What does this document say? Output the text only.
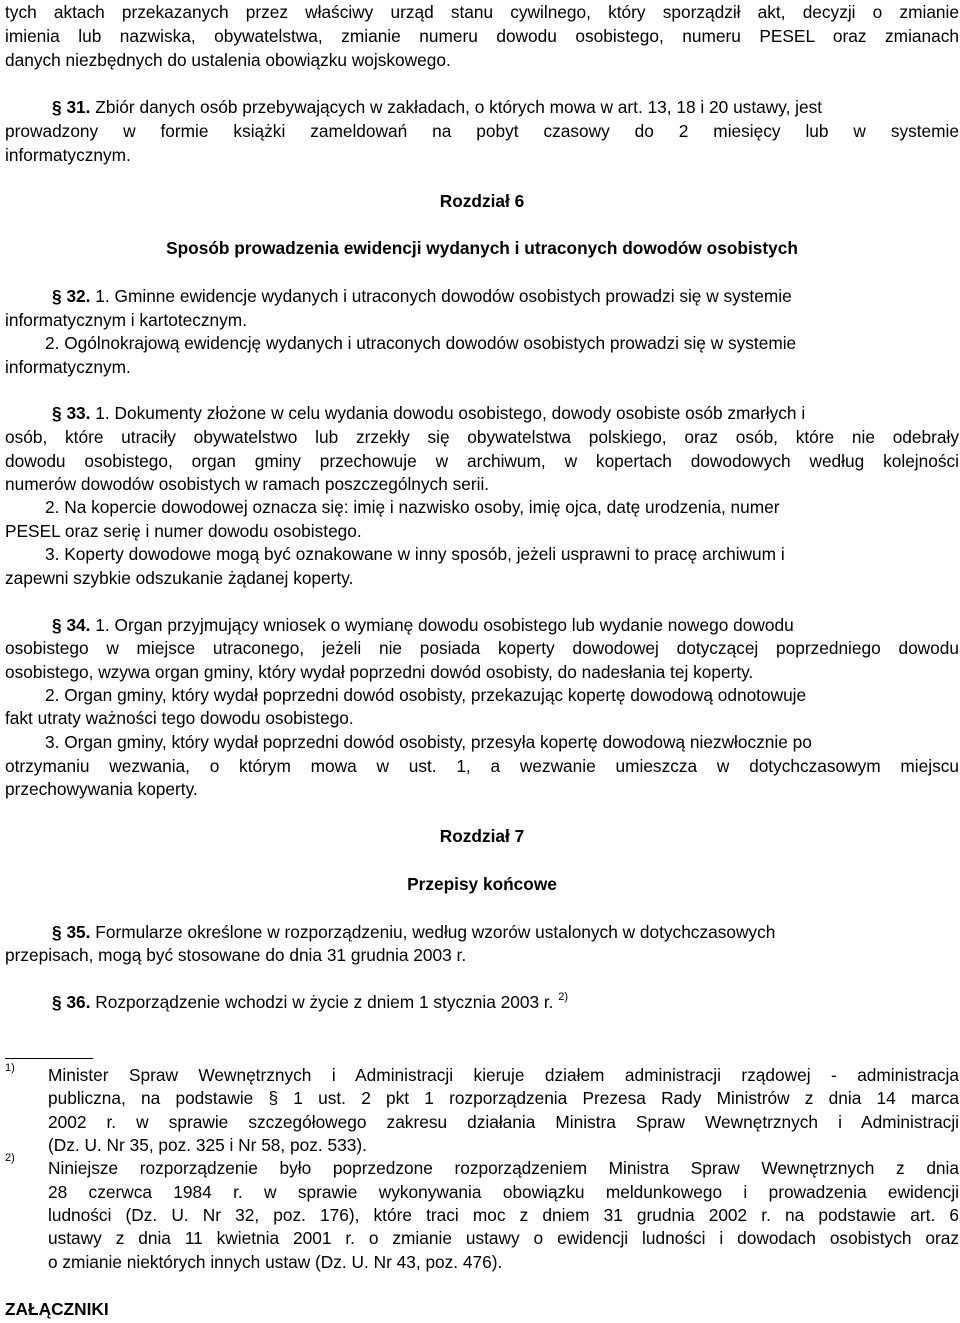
tych aktach przekazanych przez właściwy urząd stanu cywilnego, który sporządził akt, decyzji o zmianie
imienia lub nazwiska, obywatelstwa, zmianie numeru dowodu osobistego, numeru PESEL oraz zmianach
danych niezbędnych do ustalenia obowiązku wojskowego.
§ 31. Zbiór danych osób przebywających w zakładach, o których mowa w art. 13, 18 i 20 ustawy, jest
prowadzony w formie książki zameldowań na pobyt czasowy do 2 miesięcy lub w systemie
informatycznym.
Rozdział 6
Sposób prowadzenia ewidencji wydanych i utraconych dowodów osobistych
§ 32. 1. Gminne ewidencje wydanych i utraconych dowodów osobistych prowadzi się w systemie
informatycznym i kartotecznym.
2. Ogólnokrajową ewidencję wydanych i utraconych dowodów osobistych prowadzi się w systemie
informatycznym.
§ 33. 1. Dokumenty złożone w celu wydania dowodu osobistego, dowody osobiste osób zmarłych i
osób, które utraciły obywatelstwo lub zrzekły się obywatelstwa polskiego, oraz osób, które nie odebrały
dowodu osobistego, organ gminy przechowuje w archiwum, w kopertach dowodowych według kolejności
numerów dowodów osobistych w ramach poszczególnych serii.
2. Na kopercie dowodowej oznacza się: imię i nazwisko osoby, imię ojca, datę urodzenia, numer
PESEL oraz serię i numer dowodu osobistego.
3. Koperty dowodowe mogą być oznakowane w inny sposób, jeżeli usprawni to pracę archiwum i
zapewni szybkie odszukanie żądanej koperty.
§ 34. 1. Organ przyjmujący wniosek o wymianę dowodu osobistego lub wydanie nowego dowodu
osobistego w miejsce utraconego, jeżeli nie posiada koperty dowodowej dotyczącej poprzedniego dowodu
osobistego, wzywa organ gminy, który wydał poprzedni dowód osobisty, do nadesłania tej koperty.
2. Organ gminy, który wydał poprzedni dowód osobisty, przekazując kopertę dowodową odnotowuje
fakt utraty ważności tego dowodu osobistego.
3. Organ gminy, który wydał poprzedni dowód osobisty, przesyła kopertę dowodową niezwłocznie po
otrzymaniu wezwania, o którym mowa w ust. 1, a wezwanie umieszcza w dotychczasowym miejscu
przechowywania koperty.
Rozdział 7
Przepisy końcowe
§ 35. Formularze określone w rozporządzeniu, według wzorów ustalonych w dotychczasowych
przepisach, mogą być stosowane do dnia 31 grudnia 2003 r.
§ 36. Rozporządzenie wchodzi w życie z dniem 1 stycznia 2003 r. $^{2)}$
1) Minister Spraw Wewnętrznych i Administracji kieruje działem administracji rządowej - administracja
publiczna, na podstawie § 1 ust. 2 pkt 1 rozporządzenia Prezesa Rady Ministrów z dnia 14 marca
2002 r. w sprawie szczegółowego zakresu działania Ministra Spraw Wewnętrznych i Administracji
(Dz. U. Nr 35, poz. 325 i Nr 58, poz. 533).
2) Niniejsze rozporządzenie było poprzedzone rozporządzeniem Ministra Spraw Wewnętrznych z dnia
28 czerwca 1984 r. w sprawie wykonywania obowiązku meldunkowego i prowadzenia ewidencji
ludności (Dz. U. Nr 32, poz. 176), które traci moc z dniem 31 grudnia 2002 r. na podstawie art. 6
ustawy z dnia 11 kwietnia 2001 r. o zmianie ustawy o ewidencji ludności i dowodach osobistych oraz
o zmianie niektórych innych ustaw (Dz. U. Nr 43, poz. 476).
ZAŁĄCZNIKI
